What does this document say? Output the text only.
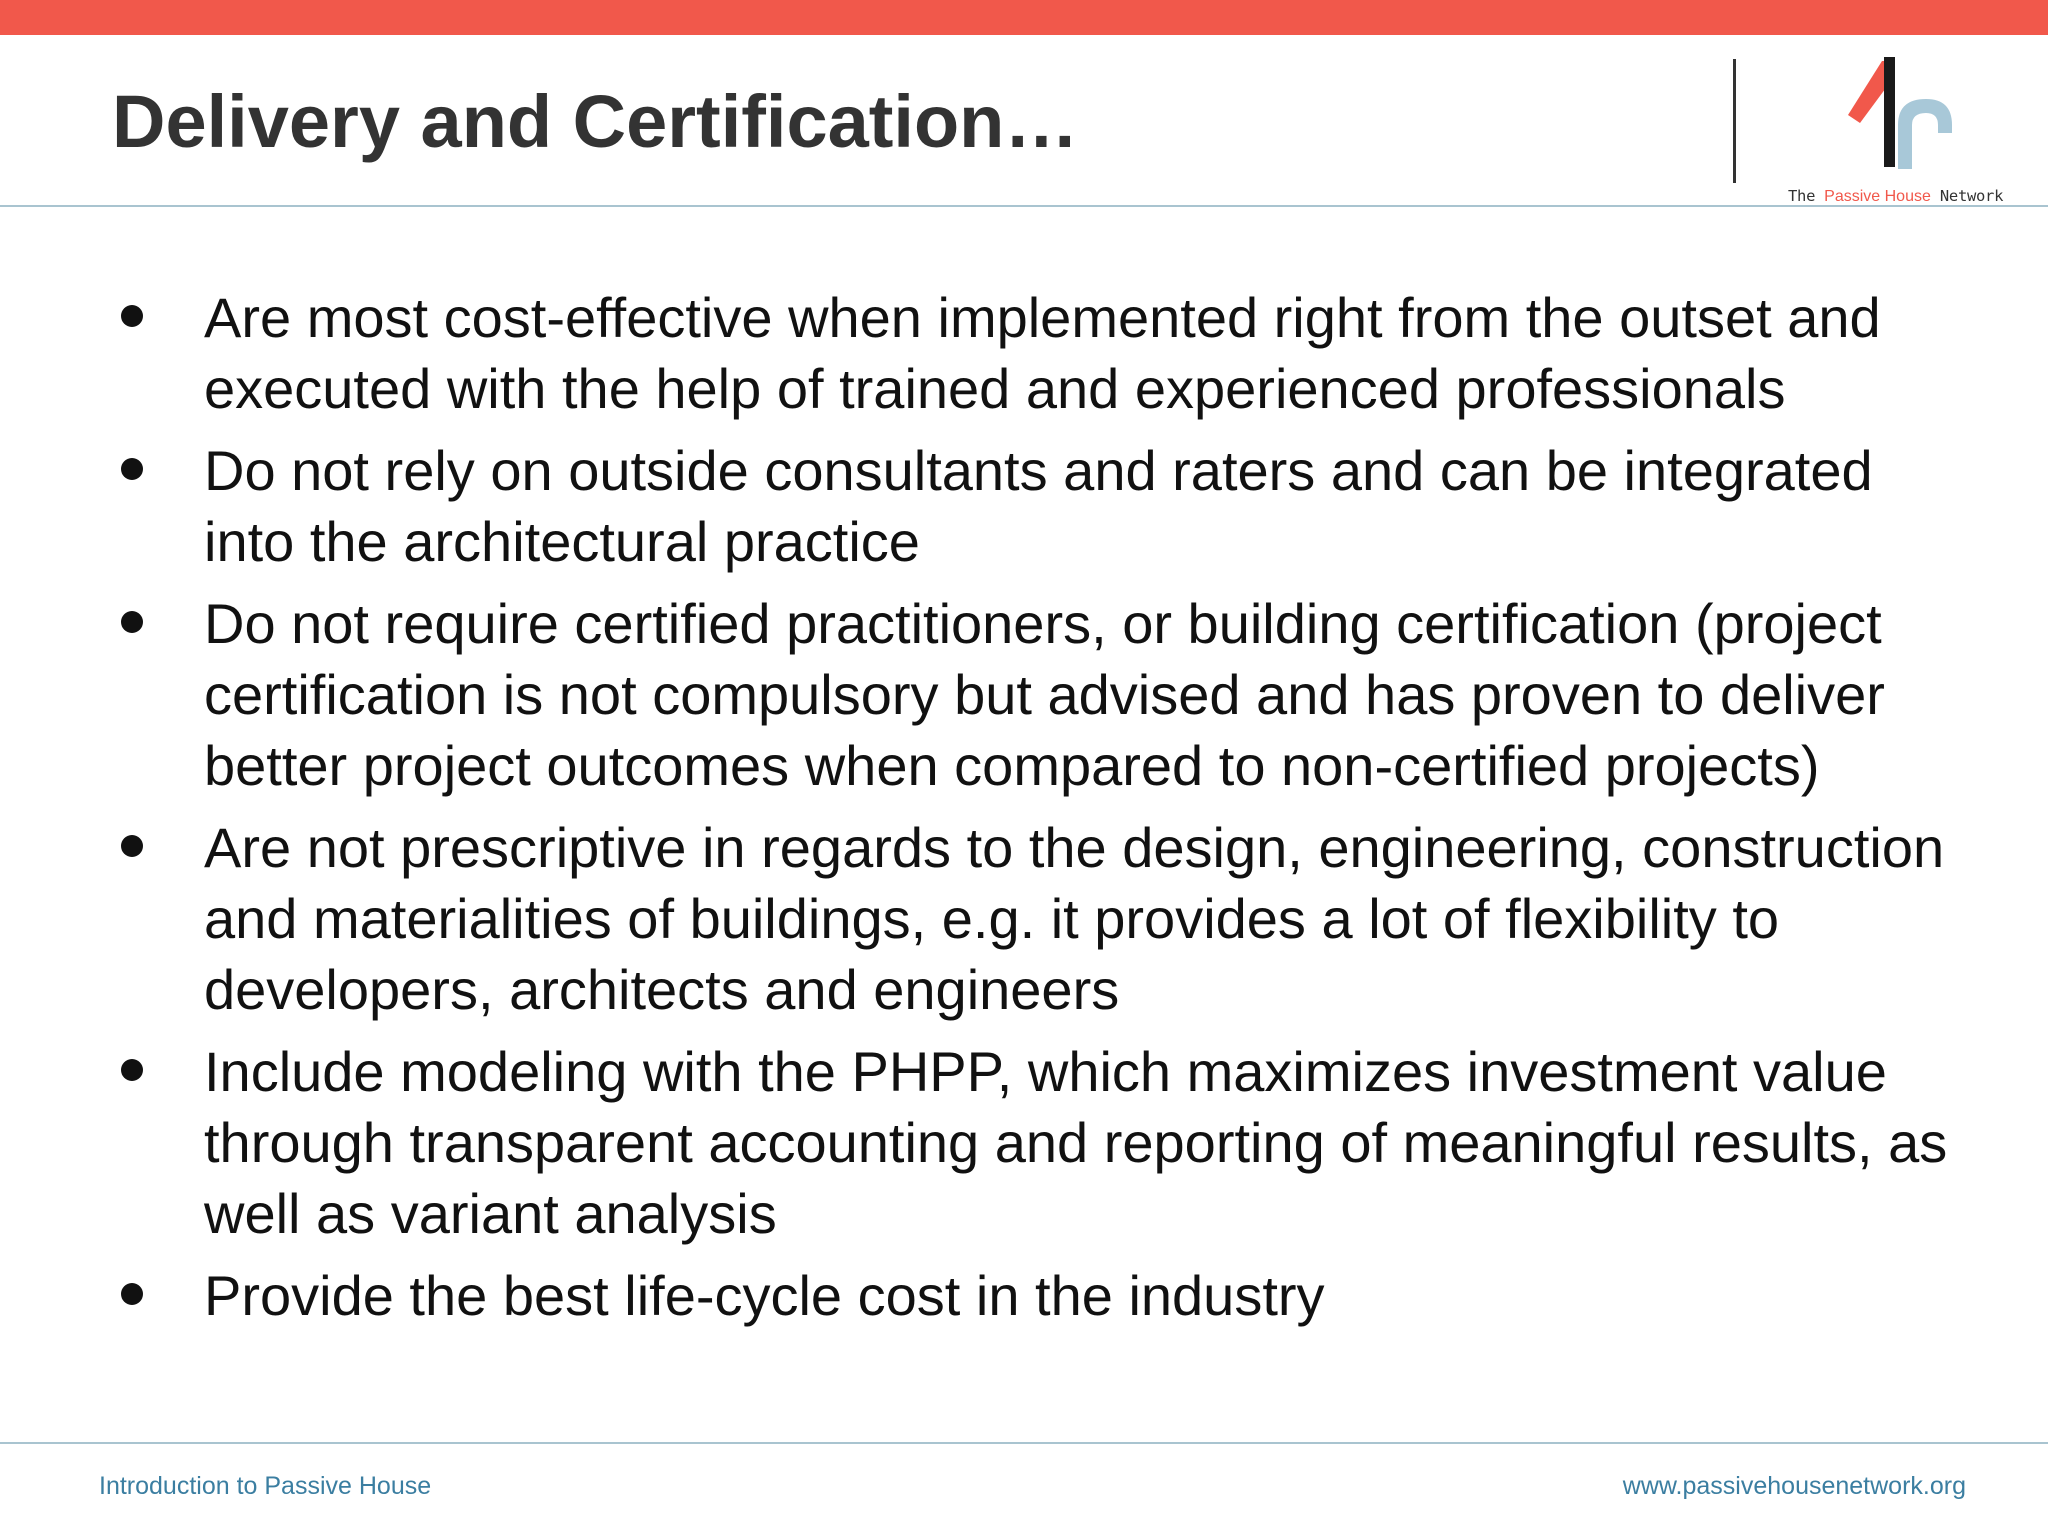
Delivery and Certification…
The Passive House Network
Are most cost-effective when implemented right from the outset and executed with the help of trained and experienced professionals
Do not rely on outside consultants and raters and can be integrated into the architectural practice
Do not require certified practitioners, or building certification (project certification is not compulsory but advised and has proven to deliver better project outcomes when compared to non-certified projects)
Are not prescriptive in regards to the design, engineering, construction and materialities of buildings, e.g. it provides a lot of flexibility to developers, architects and engineers
Include modeling with the PHPP, which maximizes investment value through transparent accounting and reporting of meaningful results, as well as variant analysis
Provide the best life-cycle cost in the industry
Introduction to Passive House	www.passivehousenetwork.org
